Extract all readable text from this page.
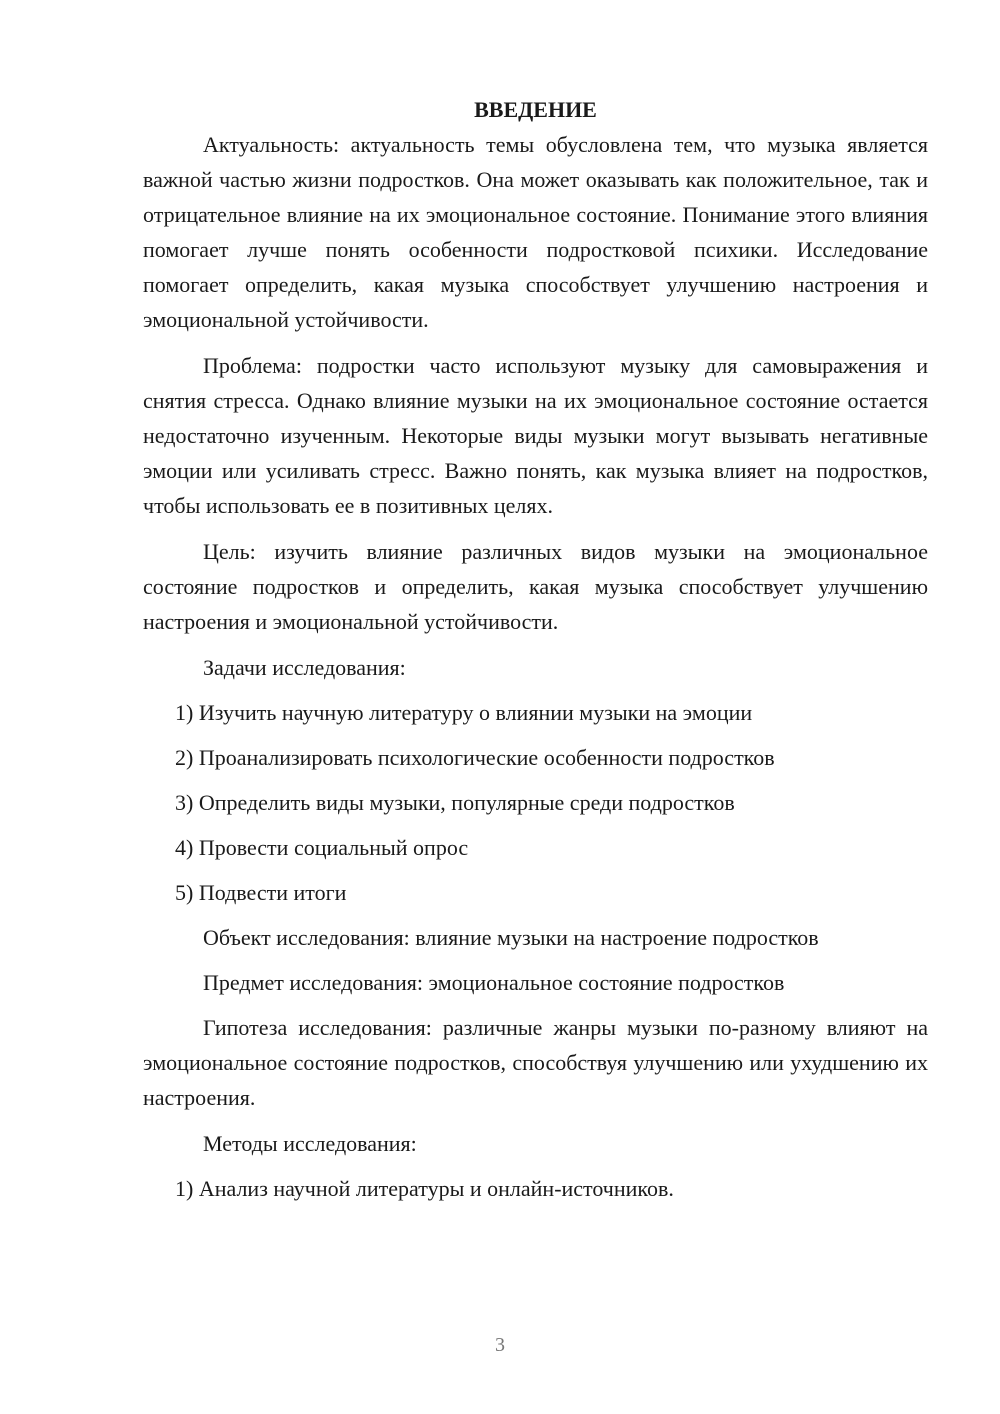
ВВЕДЕНИЕ

Актуальность: актуальность темы обусловлена тем, что музыка является важной частью жизни подростков. Она может оказывать как положительное, так и отрицательное влияние на их эмоциональное состояние. Понимание этого влияния помогает лучше понять особенности подростковой психики. Исследование помогает определить, какая музыка способствует улучшению настроения и эмоциональной устойчивости.

Проблема: подростки часто используют музыку для самовыражения и снятия стресса. Однако влияние музыки на их эмоциональное состояние остается недостаточно изученным. Некоторые виды музыки могут вызывать негативные эмоции или усиливать стресс. Важно понять, как музыка влияет на подростков, чтобы использовать ее в позитивных целях.

Цель: изучить влияние различных видов музыки на эмоциональное состояние подростков и определить, какая музыка способствует улучшению настроения и эмоциональной устойчивости.

Задачи исследования:
1) Изучить научную литературу о влиянии музыки на эмоции
2) Проанализировать психологические особенности подростков
3) Определить виды музыки, популярные среди подростков
4) Провести социальный опрос
5) Подвести итоги
Объект исследования: влияние музыки на настроение подростков
Предмет исследования: эмоциональное состояние подростков

Гипотеза исследования: различные жанры музыки по-разному влияют на эмоциональное состояние подростков, способствуя улучшению или ухудшению их настроения.

Методы исследования:
1) Анализ научной литературы и онлайн-источников.
3
